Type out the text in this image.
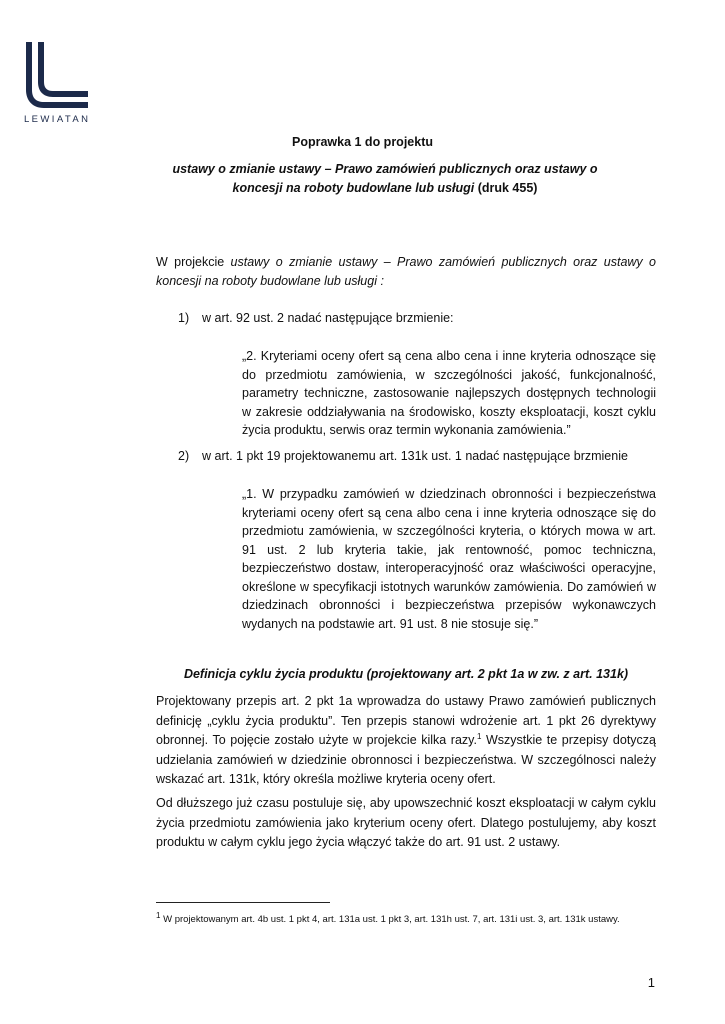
LEWIATAN
Poprawka 1 do projektu
ustawy o zmianie ustawy – Prawo zamówień publicznych oraz ustawy o koncesji na roboty budowlane lub usługi (druk 455)
W projekcie ustawy o zmianie ustawy – Prawo zamówień publicznych oraz ustawy o koncesji na roboty budowlane lub usługi :
1) w art. 92 ust. 2 nadać następujące brzmienie:
„2. Kryteriami oceny ofert są cena albo cena i inne kryteria odnoszące się do przedmiotu zamówienia, w szczególności jakość, funkcjonalność, parametry techniczne, zastosowanie najlepszych dostępnych technologii w zakresie oddziaływania na środowisko, koszty eksploatacji, koszt cyklu życia produktu, serwis oraz termin wykonania zamówienia.”
2) w art. 1 pkt 19 projektowanemu art. 131k ust. 1 nadać następujące brzmienie
„1. W przypadku zamówień w dziedzinach obronności i bezpieczeństwa kryteriami oceny ofert są cena albo cena i inne kryteria odnoszące się do przedmiotu zamówienia, w szczególności kryteria, o których mowa w art. 91 ust. 2 lub kryteria takie, jak rentowność, pomoc techniczna, bezpieczeństwo dostaw, interoperacyjność oraz właściwości operacyjne, określone w specyfikacji istotnych warunków zamówienia. Do zamówień w dziedzinach obronności i bezpieczeństwa przepisów wykonawczych wydanych na podstawie art. 91 ust. 8 nie stosuje się.”
Definicja cyklu życia produktu (projektowany art. 2 pkt 1a w zw. z art. 131k)
Projektowany przepis art. 2 pkt 1a wprowadza do ustawy Prawo zamówień publicznych definicję „cyklu życia produktu”. Ten przepis stanowi wdrożenie art. 1 pkt 26 dyrektywy obronnej. To pojęcie zostało użyte w projekcie kilka razy.$^1$ Wszystkie te przepisy dotyczą udzielania zamówień w dziedzinie obronnosci i bezpieczeństwa. W szczególnosci należy wskazać art. 131k, który określa możliwe kryteria oceny ofert.
Od dłuższego już czasu postuluje się, aby upowszechnić koszt eksploatacji w całym cyklu życia przedmiotu zamówienia jako kryterium oceny ofert. Dlatego postulujemy, aby koszt produktu w całym cyklu jego życia włączyć także do art. 91 ust. 2 ustawy.
$^1$ W projektowanym art. 4b ust. 1 pkt 4, art. 131a ust. 1 pkt 3, art. 131h ust. 7, art. 131i ust. 3, art. 131k ustawy.
1
